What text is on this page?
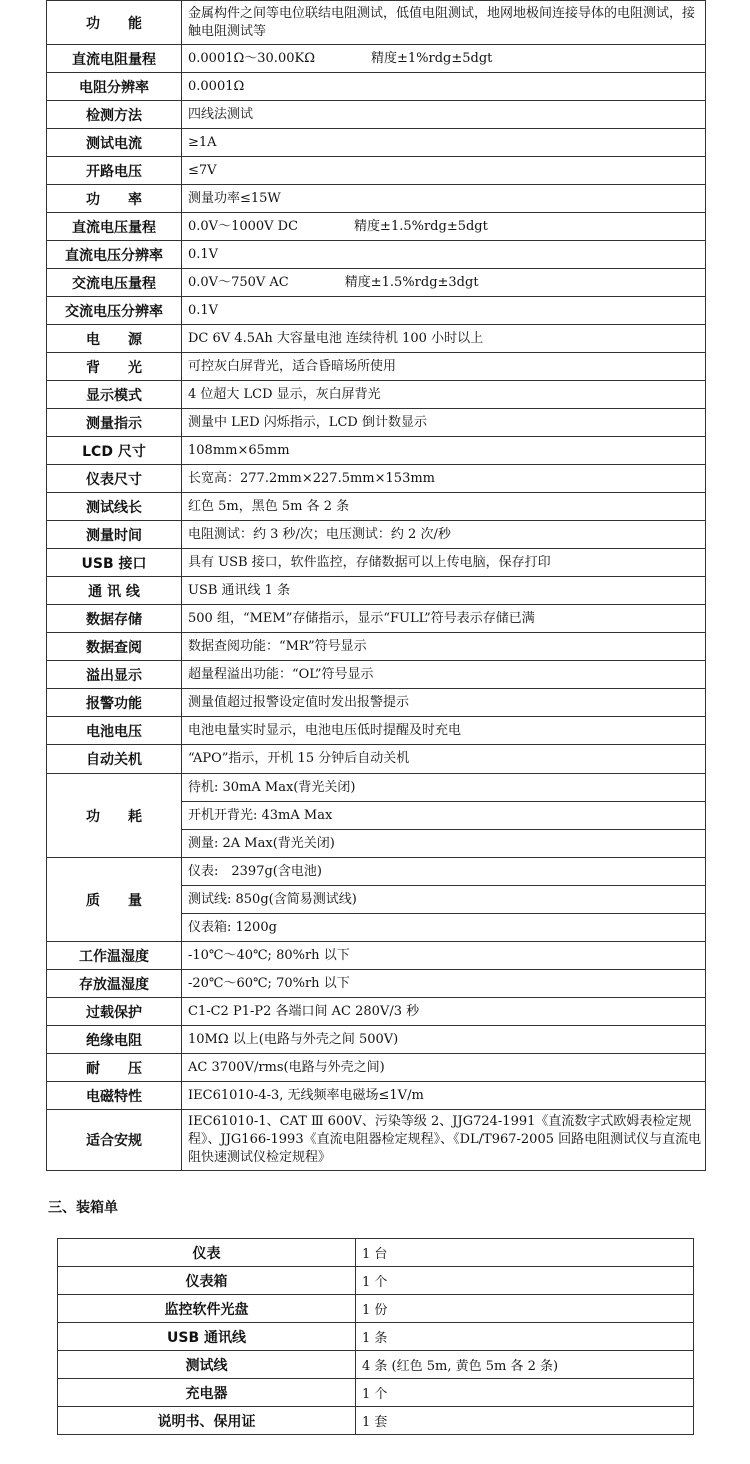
功　　能	金属构件之间等电位联结电阻测试，低值电阻测试，地网地极间连接导体的电阻测试，接触电阻测试等
直流电阻量程	0.0001Ω～30.00KΩ 精度±1%rdg±5dgt
电阻分辨率	0.0001Ω
检测方法	四线法测试
测试电流	≥1A
开路电压	≤7V
功　　率	测量功率≤15W
直流电压量程	0.0V～1000V DC 精度±1.5%rdg±5dgt
直流电压分辨率	0.1V
交流电压量程	0.0V～750V AC 精度±1.5%rdg±3dgt
交流电压分辨率	0.1V
电　　源	DC 6V 4.5Ah 大容量电池 连续待机 100 小时以上
背　　光	可控灰白屏背光，适合昏暗场所使用
显示模式	4 位超大 LCD 显示，灰白屏背光
测量指示	测量中 LED 闪烁指示，LCD 倒计数显示
LCD 尺寸	108mm×65mm
仪表尺寸	长宽高：277.2mm×227.5mm×153mm
测试线长	红色 5m，黑色 5m 各 2 条
测量时间	电阻测试：约 3 秒/次；电压测试：约 2 次/秒
USB 接口	具有 USB 接口，软件监控，存储数据可以上传电脑，保存打印
通 讯 线	USB 通讯线 1 条
数据存储	500 组，“MEM”存储指示，显示“FULL”符号表示存储已满
数据查阅	数据查阅功能：“MR”符号显示
溢出显示	超量程溢出功能：“OL”符号显示
报警功能	测量值超过报警设定值时发出报警提示
电池电压	电池电量实时显示，电池电压低时提醒及时充电
自动关机	“APO”指示，开机 15 分钟后自动关机
功　　耗	待机: 30mA Max(背光关闭)
	开机开背光: 43mA Max
	测量: 2A Max(背光关闭)
质　　量	仪表:　2397g(含电池)
	测试线: 850g(含简易测试线)
	仪表箱: 1200g
工作温湿度	-10℃～40℃; 80%rh 以下
存放温湿度	-20℃～60℃; 70%rh 以下
过载保护	C1-C2 P1-P2 各端口间 AC 280V/3 秒
绝缘电阻	10MΩ 以上(电路与外壳之间 500V)
耐　　压	AC 3700V/rms(电路与外壳之间)
电磁特性	IEC61010-4-3, 无线频率电磁场≤1V/m
适合安规	IEC61010-1、CAT Ⅲ 600V、污染等级 2、JJG724-1991《直流数字式欧姆表检定规程》、JJG166-1993《直流电阻器检定规程》、《DL/T967-2005 回路电阻测试仪与直流电阻快速测试仪检定规程》
三、装箱单
仪表	1 台
仪表箱	1 个
监控软件光盘	1 份
USB 通讯线	1 条
测试线	4 条 (红色 5m, 黄色 5m 各 2 条)
充电器	1 个
说明书、保用证	1 套
